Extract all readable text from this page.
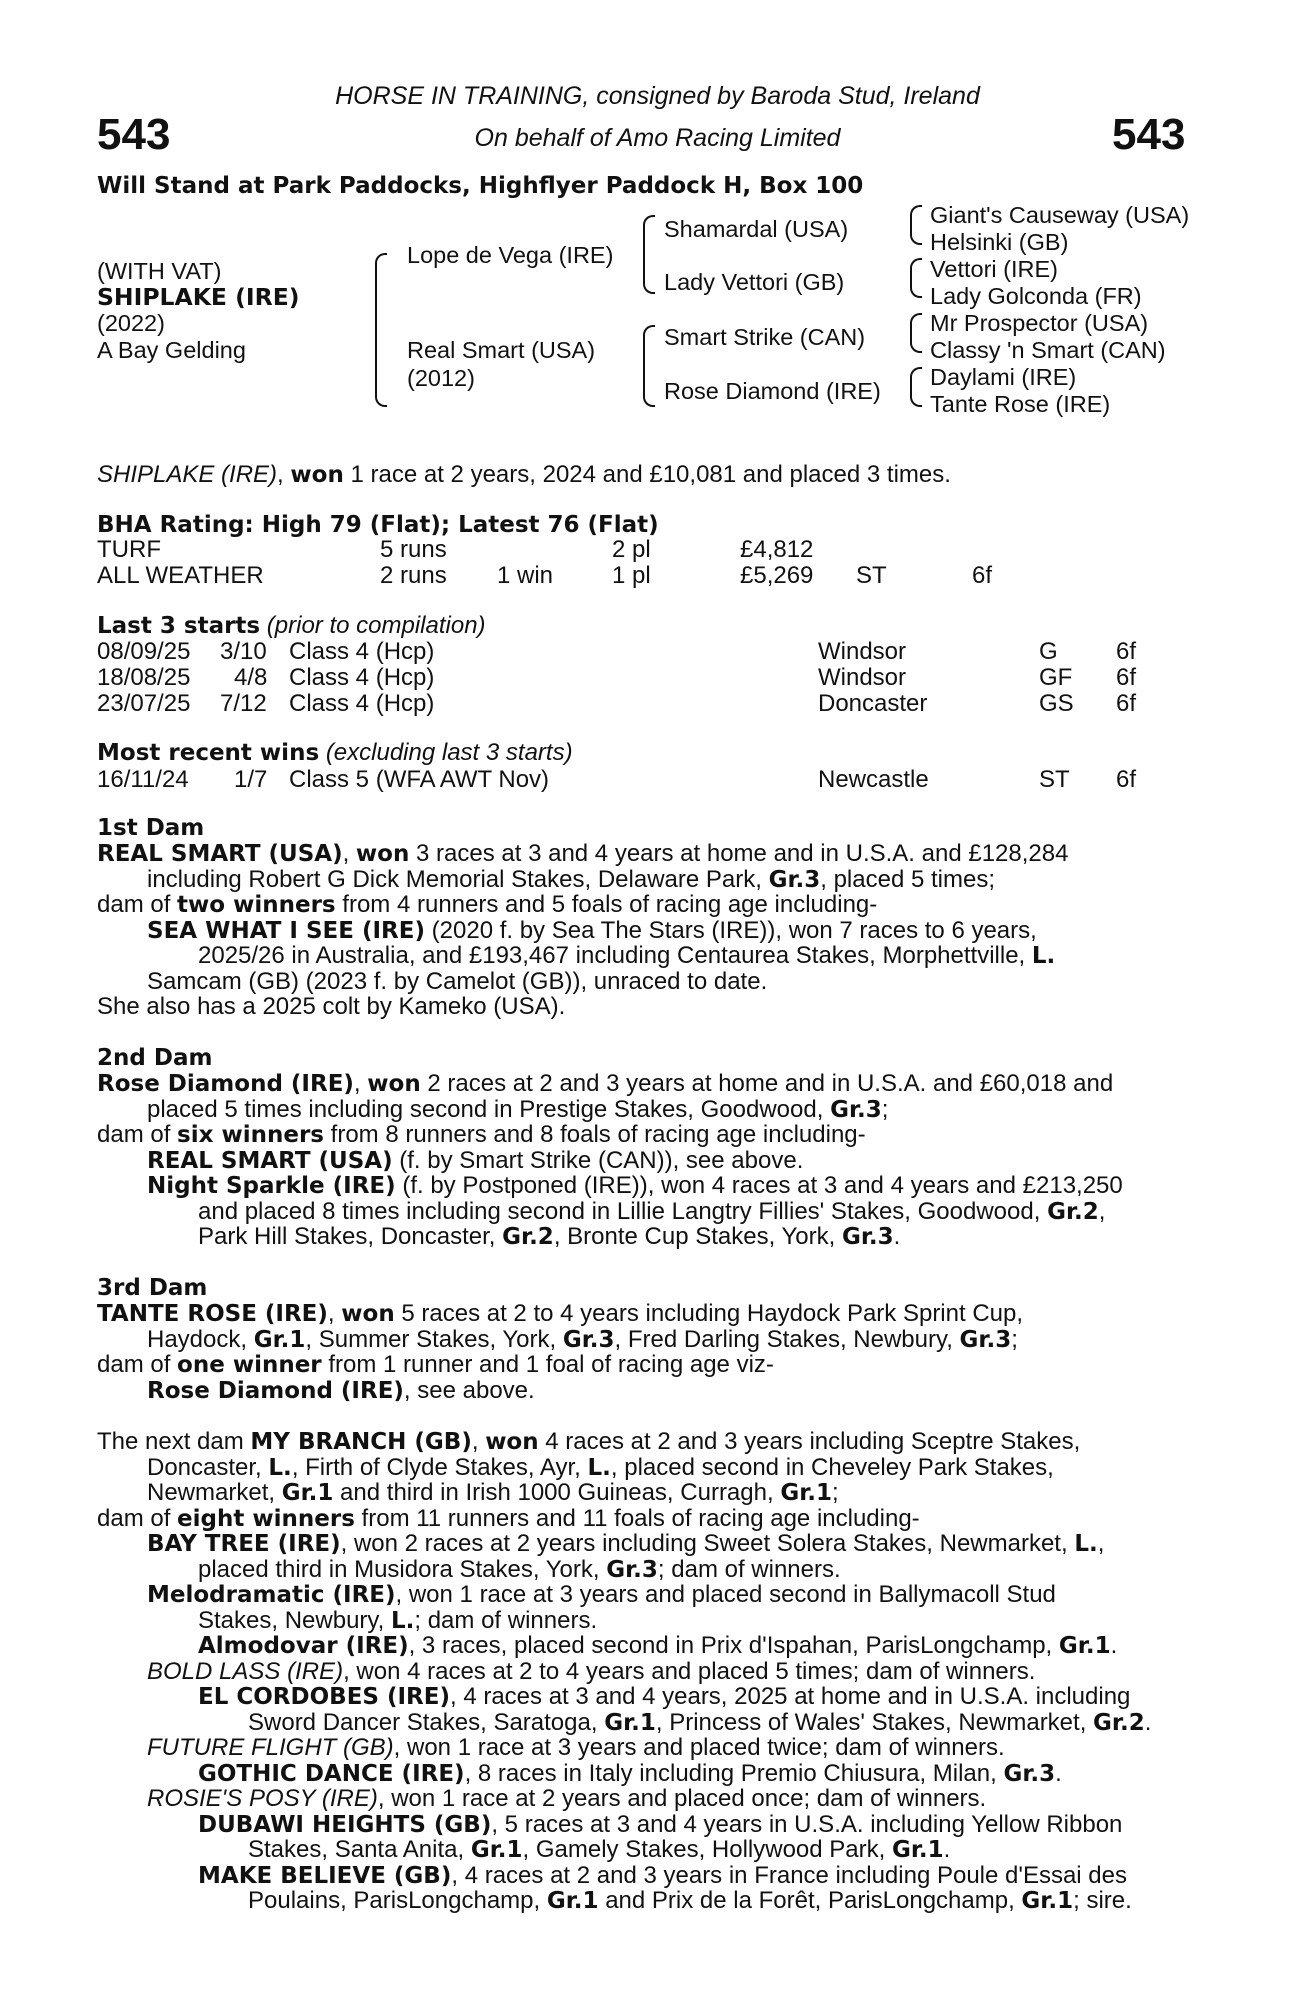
543	543
HORSE IN TRAINING, consigned by Baroda Stud, Ireland
On behalf of Amo Racing Limited
Will Stand at Park Paddocks, Highflyer Paddock H, Box 100
(WITH VAT)
SHIPLAKE (IRE)
(2022)
A Bay Gelding
Lope de Vega (IRE)
Real Smart (USA)
(2012)
Shamardal (USA)
Lady Vettori (GB)
Smart Strike (CAN)
Rose Diamond (IRE)
Giant's Causeway (USA)
Helsinki (GB)
Vettori (IRE)
Lady Golconda (FR)
Mr Prospector (USA)
Classy 'n Smart (CAN)
Daylami (IRE)
Tante Rose (IRE)
SHIPLAKE (IRE), won 1 race at 2 years, 2024 and £10,081 and placed 3 times.
BHA Rating: High 79 (Flat); Latest 76 (Flat)
TURF	5 runs	2 pl	£4,812
ALL WEATHER	2 runs 1 win 1 pl	£5,269 ST	6f
Last 3 starts (prior to compilation)
08/09/25 3/10 Class 4 (Hcp)	Windsor	G 6f
18/08/25 4/8 Class 4 (Hcp)	Windsor	GF 6f
23/07/25 7/12 Class 4 (Hcp)	Doncaster	GS 6f
Most recent wins (excluding last 3 starts)
16/11/24 1/7 Class 5 (WFA AWT Nov)	Newcastle	ST 6f
1st Dam
REAL SMART (USA), won 3 races at 3 and 4 years at home and in U.S.A. and £128,284
including Robert G Dick Memorial Stakes, Delaware Park, Gr.3, placed 5 times;
dam of two winners from 4 runners and 5 foals of racing age including-
SEA WHAT I SEE (IRE) (2020 f. by Sea The Stars (IRE)), won 7 races to 6 years,
2025/26 in Australia, and £193,467 including Centaurea Stakes, Morphettville, L.
Samcam (GB) (2023 f. by Camelot (GB)), unraced to date.
She also has a 2025 colt by Kameko (USA).
2nd Dam
Rose Diamond (IRE), won 2 races at 2 and 3 years at home and in U.S.A. and £60,018 and
placed 5 times including second in Prestige Stakes, Goodwood, Gr.3;
dam of six winners from 8 runners and 8 foals of racing age including-
REAL SMART (USA) (f. by Smart Strike (CAN)), see above.
Night Sparkle (IRE) (f. by Postponed (IRE)), won 4 races at 3 and 4 years and £213,250
and placed 8 times including second in Lillie Langtry Fillies' Stakes, Goodwood, Gr.2,
Park Hill Stakes, Doncaster, Gr.2, Bronte Cup Stakes, York, Gr.3.
3rd Dam
TANTE ROSE (IRE), won 5 races at 2 to 4 years including Haydock Park Sprint Cup,
Haydock, Gr.1, Summer Stakes, York, Gr.3, Fred Darling Stakes, Newbury, Gr.3;
dam of one winner from 1 runner and 1 foal of racing age viz-
Rose Diamond (IRE), see above.
The next dam MY BRANCH (GB), won 4 races at 2 and 3 years including Sceptre Stakes,
Doncaster, L., Firth of Clyde Stakes, Ayr, L., placed second in Cheveley Park Stakes,
Newmarket, Gr.1 and third in Irish 1000 Guineas, Curragh, Gr.1;
dam of eight winners from 11 runners and 11 foals of racing age including-
BAY TREE (IRE), won 2 races at 2 years including Sweet Solera Stakes, Newmarket, L.,
placed third in Musidora Stakes, York, Gr.3; dam of winners.
Melodramatic (IRE), won 1 race at 3 years and placed second in Ballymacoll Stud
Stakes, Newbury, L.; dam of winners.
Almodovar (IRE), 3 races, placed second in Prix d'Ispahan, ParisLongchamp, Gr.1.
BOLD LASS (IRE), won 4 races at 2 to 4 years and placed 5 times; dam of winners.
EL CORDOBES (IRE), 4 races at 3 and 4 years, 2025 at home and in U.S.A. including
Sword Dancer Stakes, Saratoga, Gr.1, Princess of Wales' Stakes, Newmarket, Gr.2.
FUTURE FLIGHT (GB), won 1 race at 3 years and placed twice; dam of winners.
GOTHIC DANCE (IRE), 8 races in Italy including Premio Chiusura, Milan, Gr.3.
ROSIE'S POSY (IRE), won 1 race at 2 years and placed once; dam of winners.
DUBAWI HEIGHTS (GB), 5 races at 3 and 4 years in U.S.A. including Yellow Ribbon
Stakes, Santa Anita, Gr.1, Gamely Stakes, Hollywood Park, Gr.1.
MAKE BELIEVE (GB), 4 races at 2 and 3 years in France including Poule d'Essai des
Poulains, ParisLongchamp, Gr.1 and Prix de la Forêt, ParisLongchamp, Gr.1; sire.
